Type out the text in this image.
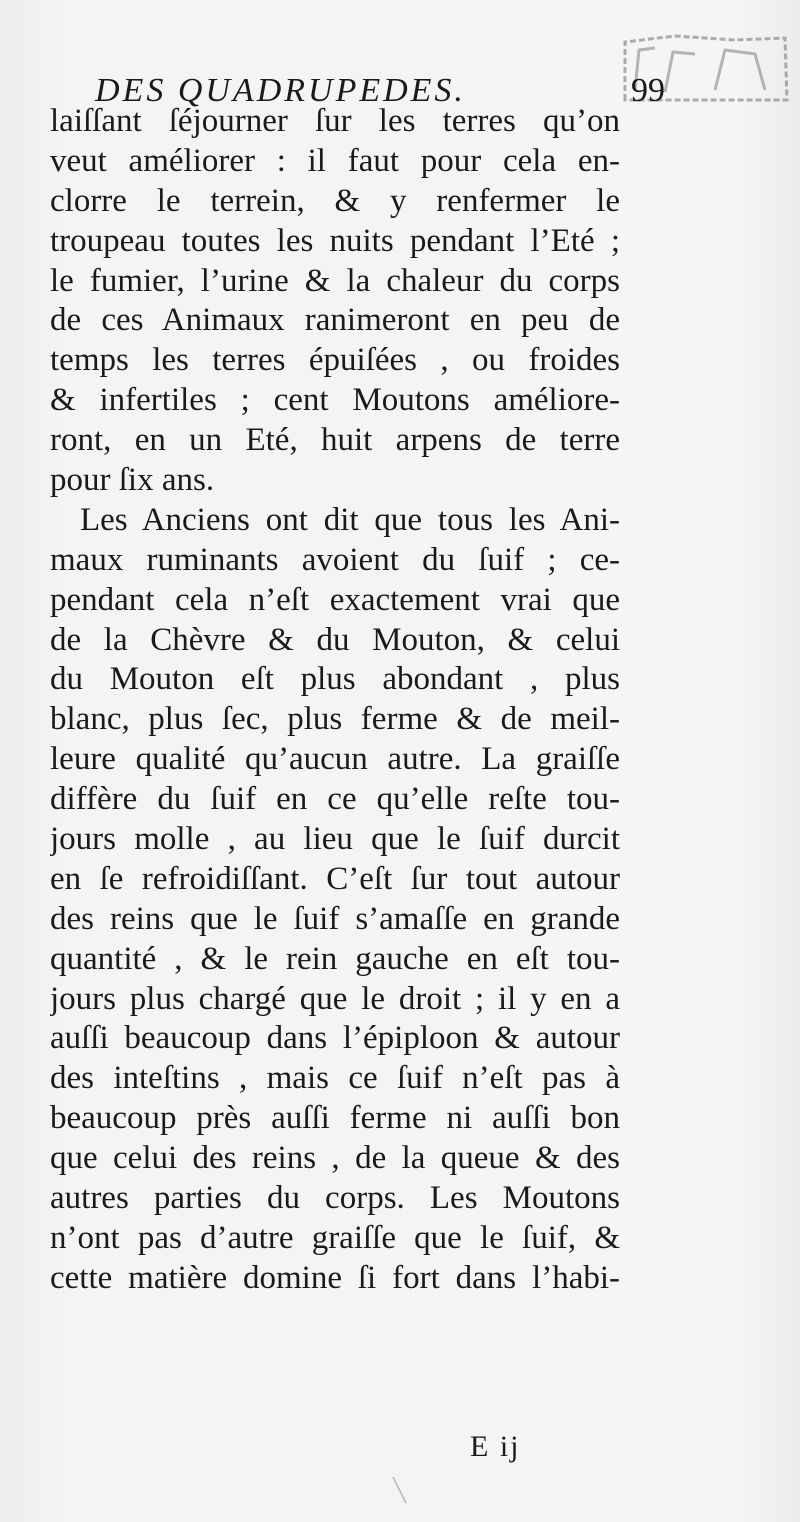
DES QUADRUPEDES.	99
laiſſant ſéjourner ſur les terres qu’on
veut améliorer : il faut pour cela en-
clorre le terrein, & y renfermer le
troupeau toutes les nuits pendant l’Eté ;
le fumier, l’urine & la chaleur du corps
de ces Animaux ranimeront en peu de
temps les terres épuiſées , ou froides
& infertiles ; cent Moutons améliore-
ront, en un Eté, huit arpens de terre
pour ſix ans.
Les Anciens ont dit que tous les Ani-
maux ruminants avoient du ſuif ; ce-
pendant cela n’eſt exactement vrai que
de la Chèvre & du Mouton, & celui
du Mouton eſt plus abondant , plus
blanc, plus ſec, plus ferme & de meil-
leure qualité qu’aucun autre. La graiſſe
diffère du ſuif en ce qu’elle reſte tou-
jours molle , au lieu que le ſuif durcit
en ſe refroidiſſant. C’eſt ſur tout autour
des reins que le ſuif s’amaſſe en grande
quantité , & le rein gauche en eſt tou-
jours plus chargé que le droit ; il y en a
auſſi beaucoup dans l’épiploon & autour
des inteſtins , mais ce ſuif n’eſt pas à
beaucoup près auſſi ferme ni auſſi bon
que celui des reins , de la queue & des
autres parties du corps. Les Moutons
n’ont pas d’autre graiſſe que le ſuif, &
cette matière domine ſi fort dans l’habi-
E ij
